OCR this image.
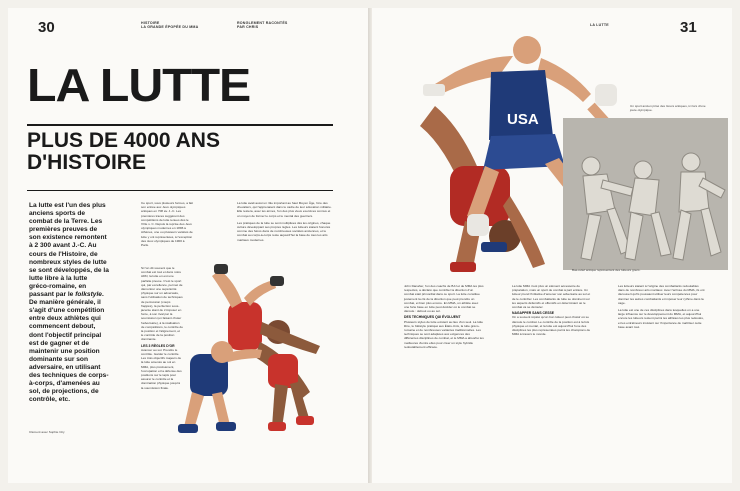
30	HISTOIRE
LA GRANDE ÉPOPÉE DU MMA
RONGLEMENT RACONTÉS
PAR CHRIS
LA LUTTE
PLUS DE 4000 ANS
D'HISTOIRE

La lutte est l'un des plus anciens sports de combat de la Terre. Les premières preuves de son existence remontent à 2 300 avant J.-C. Au cours de l'Histoire, de nombreux styles de lutte se sont développés, de la lutte libre à la lutte gréco-romaine, en passant par le folkstyle. De manière générale, il s'agit d'une compétition entre deux athlètes qui commencent debout, dont l'objectif principal est de gagner et de maintenir une position dominante sur son adversaire, en utilisant des techniques de corps-à-corps, d'amenées au sol, de projections, de contrôle, etc.

Ce sport, sous plusieurs formes, a fait son entrée aux Jeux olympiques antiques en 708 av. J.-C. Les premières traces suggèrent des compétitions de lutte tenues dès le VIIIe s. C. Depuis la reprise des Jeux olympiques modernes en 1896 à Athènes, une ou plusieurs variétés de lutte y ont représentées, à l'exception des Jeux olympiques de 1900 à Paris.

Si l'on dit souvent que le combat est tout et dans notre ADN, la lutte en est une parfaite preuve. C'est le sport qui, par excellence, permet de démontrer une supériorité physique sur un adversaire, sans l'utilisation de techniques de percussion (coups frappés), la perfection sous-jacente étant de s'imposer en force, à son rival par la soumission (en faisant chuter l'adversaire), à la réalisation de compétitions, le contrôle de la position et l'alignement, et le contrôle de la position dominante.

LES 3 RÈGLES D'OR

Avancer au sol. Prendre le contrôle. Garder le contrôle. Les trois objectifs majeurs de la lutte amenés au sol en MMA, plus précisément, l'occupation et la défense des positions sur le tapis pour assurer le contrôle et la domination physique jusqu'à la soumission finale.

La lutte avait aussi un rôle important au haut Moyen Âge, l'ère des chevaliers, qui l'apprenaient dans le cadre de leur éducation militaire. Elle restera, avec les armes, l'un des plus vieux exercices connus et un moyen de former le corps et le mental des guerriers.

Les pratiques de la lutte se sont multipliées dès les origines, chaque culture développant ses propres règles. Les lutteurs étaient honorés comme des héros dans de nombreuses sociétés anciennes, et le combat au corps-à-corps reste aujourd'hui la base de tous les arts martiaux modernes.

Clément avec Sophie City
LA LUTTE	31
USA
Un sport ancien prisé des Grecs antiques, ici lors d'une joute olympique.
Bas-relief antique représentant des lutteurs grecs.

John Danaher, l'un des coachs de BJJ et de MMA les plus respectés, a déclaré que contrôler la direction d'un combat était primordial dans ce sport. La lutte constitue justement la clé de la direction que peut prendre un combat, et bien plus encore. En MMA, un athlète avec une forte base en lutte peut décider où le combat se déroule : debout ou au sol.

DES TECHNIQUES QUI ÉVOLUENT

Plusieurs styles de lutte existent au lieu d'un seul. La lutte libre, le folkstyle pratiqué aux États-Unis, la lutte gréco-romaine et de nombreuses variantes traditionnelles. Les techniques se sont adaptées aux exigences des différentes disciplines de combat, et le MMA a absorbé les meilleures d'entre elles pour créer un style hybride redoutablement efficace.

La lutte MMA n'est plus un élément accessoire de préparation, mais un sport de combat à part entière. Un lutteur prend l'initiative d'amener son adversaire au sol et de le contrôler. Les combattants de lutte se dominent sur les aspects défensifs et offensifs en déterminant où le combat va se dérouler.

NAGAPPER SANS CESSE

On a souvent répété qu'un bon lutteur peut choisir où se déroule le combat. Le contrôle de la position est à la fois physique et mental, et la lutte est aujourd'hui l'une des disciplines les plus représentées parmi les champions de MMA à travers le monde.

Les lutteurs étaient à l'origine des combattants redoutables dans de nombreux arts martiaux. Avec l'arrivée du MMA, ils ont découvert qu'ils pouvaient utiliser leurs compétences pour dominer les autres combattants et imposer leur rythme dans la cage.

La lutte est une de ces disciplines dans lesquelles on a une large influence sur le développement du MMA, et aujourd'hui encore les lutteurs restent parmi les athlètes les plus redoutés, et les entraîneurs insistent sur l'importance de maîtriser cette base avant tout.
